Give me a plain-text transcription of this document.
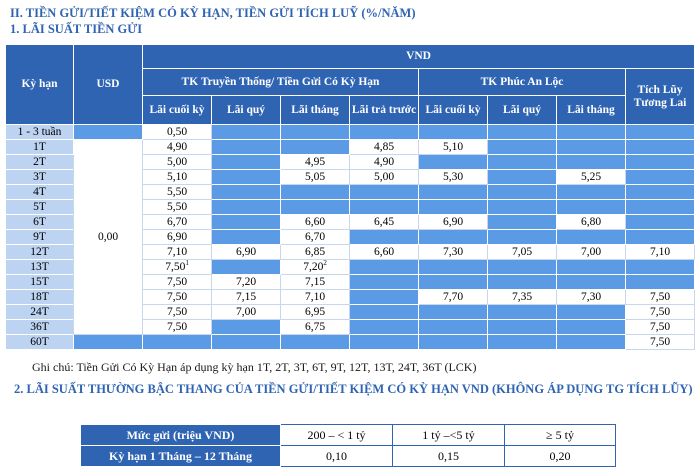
II. TIỀN GỬI/TIẾT KIỆM CÓ KỲ HẠN, TIỀN GỬI TÍCH LUỸ (%/NĂM)
1. LÃI SUẤT TIỀN GỬI
Kỳ hạn	USD	VND							
		TK Truyền Thống/ Tiền Gửi Có Kỳ Hạn				TK Phúc An Lộc			Tích Lũy Tương Lai
		Lãi cuối kỳ	Lãi quý	Lãi tháng	Lãi trả trước	Lãi cuối kỳ	Lãi quý	Lãi tháng	
1 - 3 tuần		0,50							
1T	0,00	4,90			4,85	5,10			
2T		5,00		4,95	4,90				
3T		5,10		5,05	5,00	5,30		5,25	
4T		5,50							
5T		5,50							
6T		6,70		6,60	6,45	6,90		6,80	
9T		6,90		6,70					
12T		7,10	6,90	6,85	6,60	7,30	7,05	7,00	7,10
13T		7,50$^1$		7,20$^2$					
15T		7,50	7,20	7,15					
18T		7,50	7,15	7,10		7,70	7,35	7,30	7,50
24T		7,50	7,00	6,95					7,50
36T		7,50		6,75					7,50
60T									7,50
Ghi chú: Tiền Gửi Có Kỳ Hạn áp dụng kỳ hạn 1T, 2T, 3T, 6T, 9T, 12T, 13T, 24T, 36T (LCK)
2. LÃI SUẤT THƯỜNG BẬC THANG CỦA TIỀN GỬI/TIẾT KIỆM CÓ KỲ HẠN VND (KHÔNG ÁP DỤNG TG TÍCH LŨY)
Mức gửi (triệu VND)	200 – < 1 tỷ	1 tỷ –<5 tỷ	≥ 5 tỷ
Kỳ hạn 1 Tháng – 12 Tháng	0,10	0,15	0,20
